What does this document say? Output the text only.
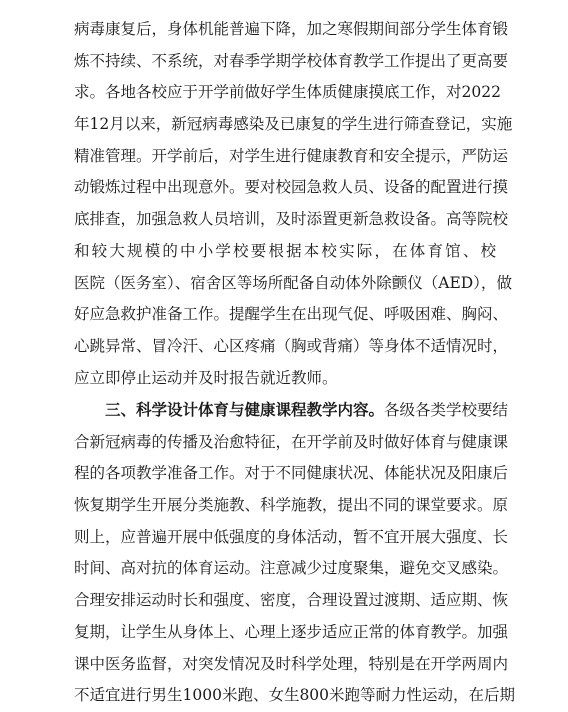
病毒康复后，身体机能普遍下降，加之寒假期间部分学生体育锻
炼不持续、不系统，对春季学期学校体育教学工作提出了更高要
求。各地各校应于开学前做好学生体质健康摸底工作，对2022
年12月以来，新冠病毒感染及已康复的学生进行筛查登记，实施
精准管理。开学前后，对学生进行健康教育和安全提示，严防运
动锻炼过程中出现意外。要对校园急救人员、设备的配置进行摸
底排查，加强急救人员培训，及时添置更新急救设备。高等院校
和较大规模的中小学校要根据本校实际，在体育馆、校
医院（医务室）、宿舍区等场所配备自动体外除颤仪（AED），做
好应急救护准备工作。提醒学生在出现气促、呼吸困难、胸闷、
心跳异常、冒冷汗、心区疼痛（胸或背痛）等身体不适情况时，
应立即停止运动并及时报告就近教师。
三、科学设计体育与健康课程教学内容。各级各类学校要结
合新冠病毒的传播及治愈特征，在开学前及时做好体育与健康课
程的各项教学准备工作。对于不同健康状况、体能状况及阳康后
恢复期学生开展分类施教、科学施教，提出不同的课堂要求。原
则上，应普遍开展中低强度的身体活动，暂不宜开展大强度、长
时间、高对抗的体育运动。注意减少过度聚集，避免交叉感染。
合理安排运动时长和强度、密度，合理设置过渡期、适应期、恢
复期，让学生从身体上、心理上逐步适应正常的体育教学。加强
课中医务监督，对突发情况及时科学处理，特别是在开学两周内
不适宜进行男生1000米跑、女生800米跑等耐力性运动，在后期
